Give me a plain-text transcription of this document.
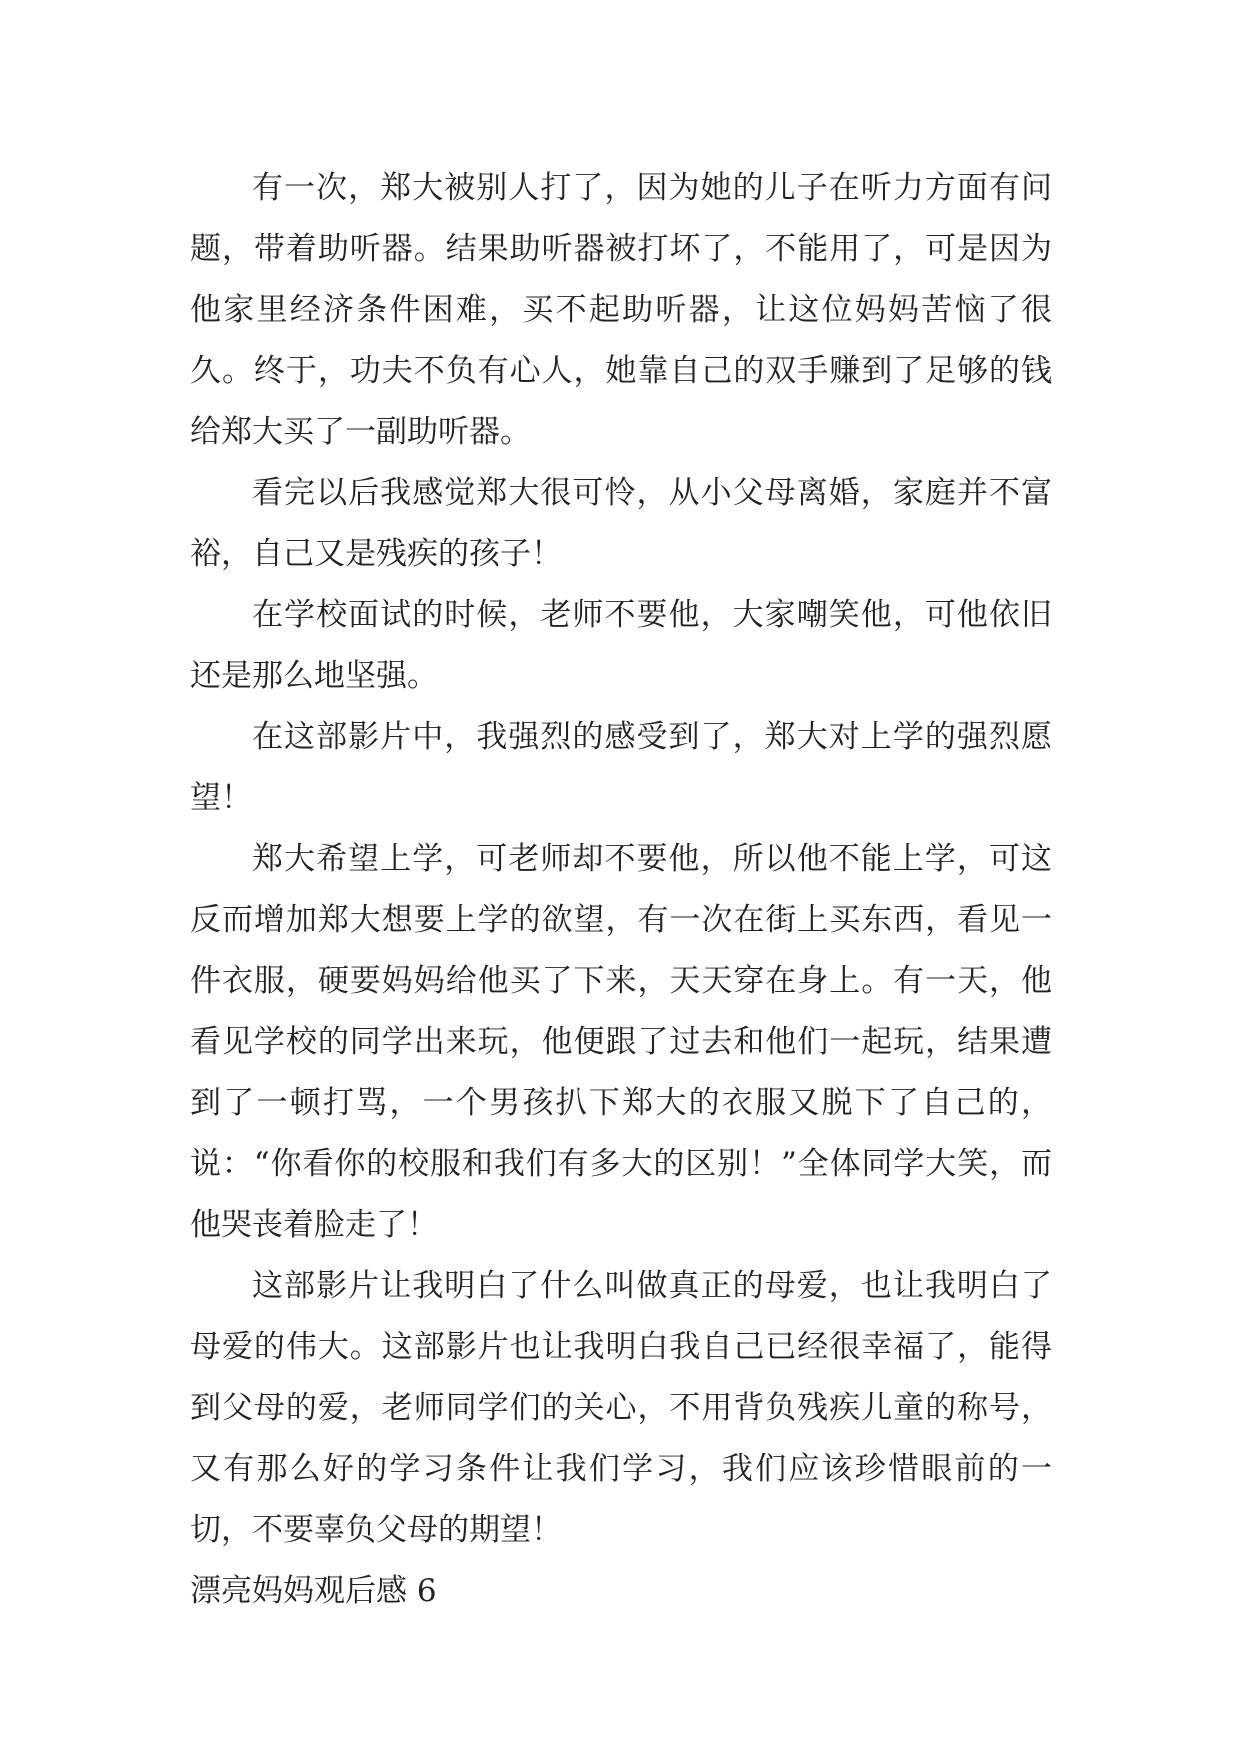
有一次，郑大被别人打了，因为她的儿子在听力方面有问题，带着助听器。结果助听器被打坏了，不能用了，可是因为他家里经济条件困难，买不起助听器，让这位妈妈苦恼了很久。终于，功夫不负有心人，她靠自己的双手赚到了足够的钱给郑大买了一副助听器。

看完以后我感觉郑大很可怜，从小父母离婚，家庭并不富裕，自己又是残疾的孩子！

在学校面试的时候，老师不要他，大家嘲笑他，可他依旧还是那么地坚强。

在这部影片中，我强烈的感受到了，郑大对上学的强烈愿望！

郑大希望上学，可老师却不要他，所以他不能上学，可这反而增加郑大想要上学的欲望，有一次在街上买东西，看见一件衣服，硬要妈妈给他买了下来，天天穿在身上。有一天，他看见学校的同学出来玩，他便跟了过去和他们一起玩，结果遭到了一顿打骂，一个男孩扒下郑大的衣服又脱下了自己的，说：“你看你的校服和我们有多大的区别！”全体同学大笑，而他哭丧着脸走了！

这部影片让我明白了什么叫做真正的母爱，也让我明白了母爱的伟大。这部影片也让我明白我自己已经很幸福了，能得到父母的爱，老师同学们的关心，不用背负残疾儿童的称号，又有那么好的学习条件让我们学习，我们应该珍惜眼前的一切，不要辜负父母的期望！

漂亮妈妈观后感 6
